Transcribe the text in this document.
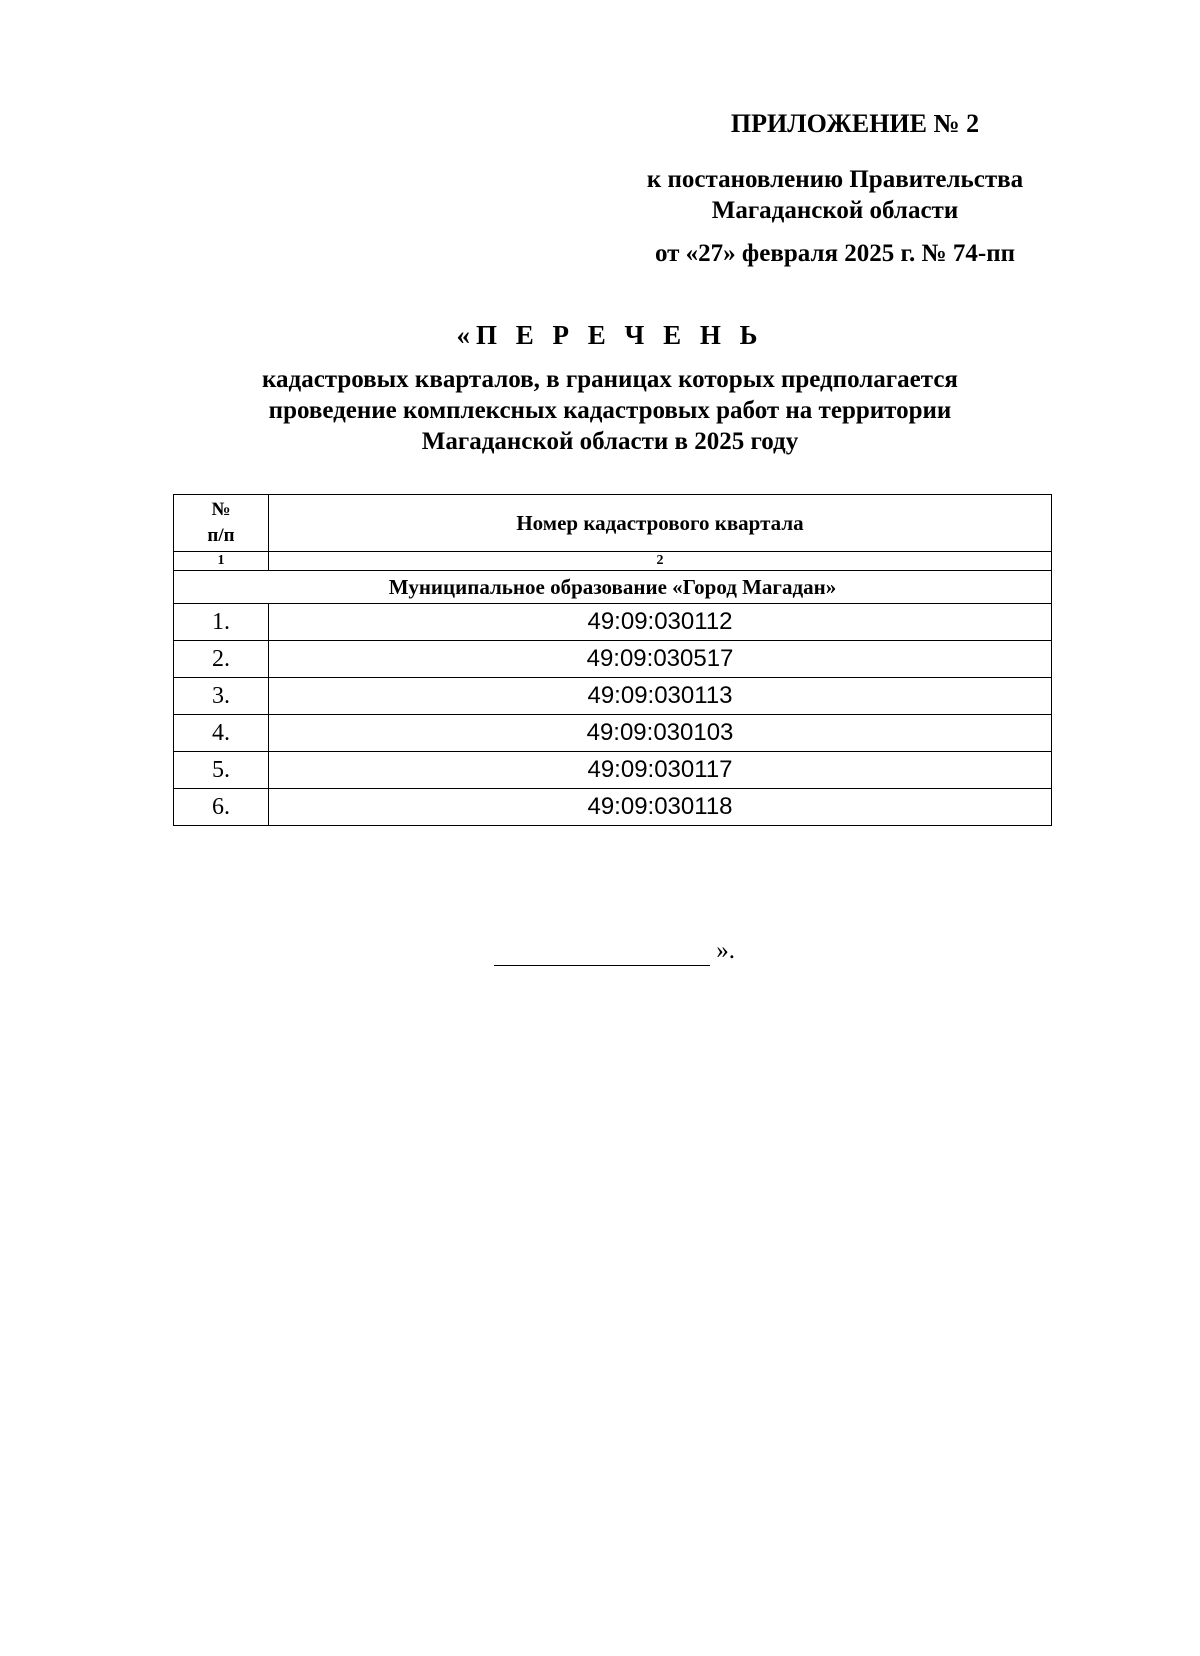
ПРИЛОЖЕНИЕ № 2
к постановлению Правительства
Магаданской области
от «27» февраля 2025 г. № 74-пп
«П Е Р Е Ч Е Н Ь
кадастровых кварталов, в границах которых предполагается
проведение комплексных кадастровых работ на территории
Магаданской области в 2025 году
№
п/п	Номер кадастрового квартала
1	2
Муниципальное образование «Город Магадан»	
1.	49:09:030112
2.	49:09:030517
3.	49:09:030113
4.	49:09:030103
5.	49:09:030117
6.	49:09:030118
».
